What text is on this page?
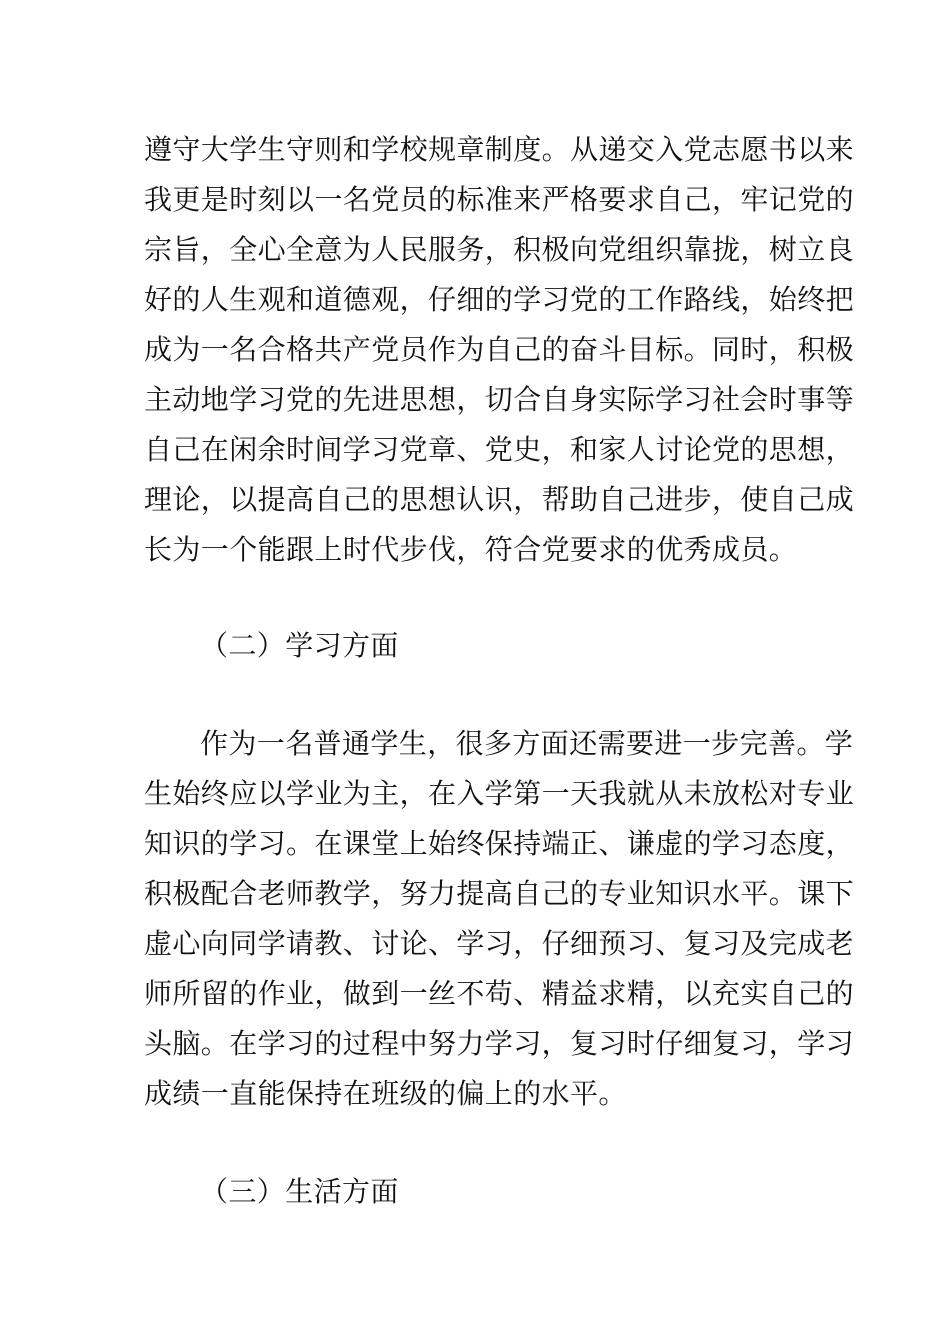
遵守大学生守则和学校规章制度。从递交入党志愿书以来
我更是时刻以一名党员的标准来严格要求自己，牢记党的
宗旨，全心全意为人民服务，积极向党组织靠拢，树立良
好的人生观和道德观，仔细的学习党的工作路线，始终把
成为一名合格共产党员作为自己的奋斗目标。同时，积极
主动地学习党的先进思想，切合自身实际学习社会时事等
自己在闲余时间学习党章、党史，和家人讨论党的思想，
理论，以提高自己的思想认识，帮助自己进步，使自己成
长为一个能跟上时代步伐，符合党要求的优秀成员。
（二）学习方面
作为一名普通学生，很多方面还需要进一步完善。学
生始终应以学业为主，在入学第一天我就从未放松对专业
知识的学习。在课堂上始终保持端正、谦虚的学习态度，
积极配合老师教学，努力提高自己的专业知识水平。课下
虚心向同学请教、讨论、学习，仔细预习、复习及完成老
师所留的作业，做到一丝不苟、精益求精，以充实自己的
头脑。在学习的过程中努力学习，复习时仔细复习，学习
成绩一直能保持在班级的偏上的水平。
（三）生活方面
